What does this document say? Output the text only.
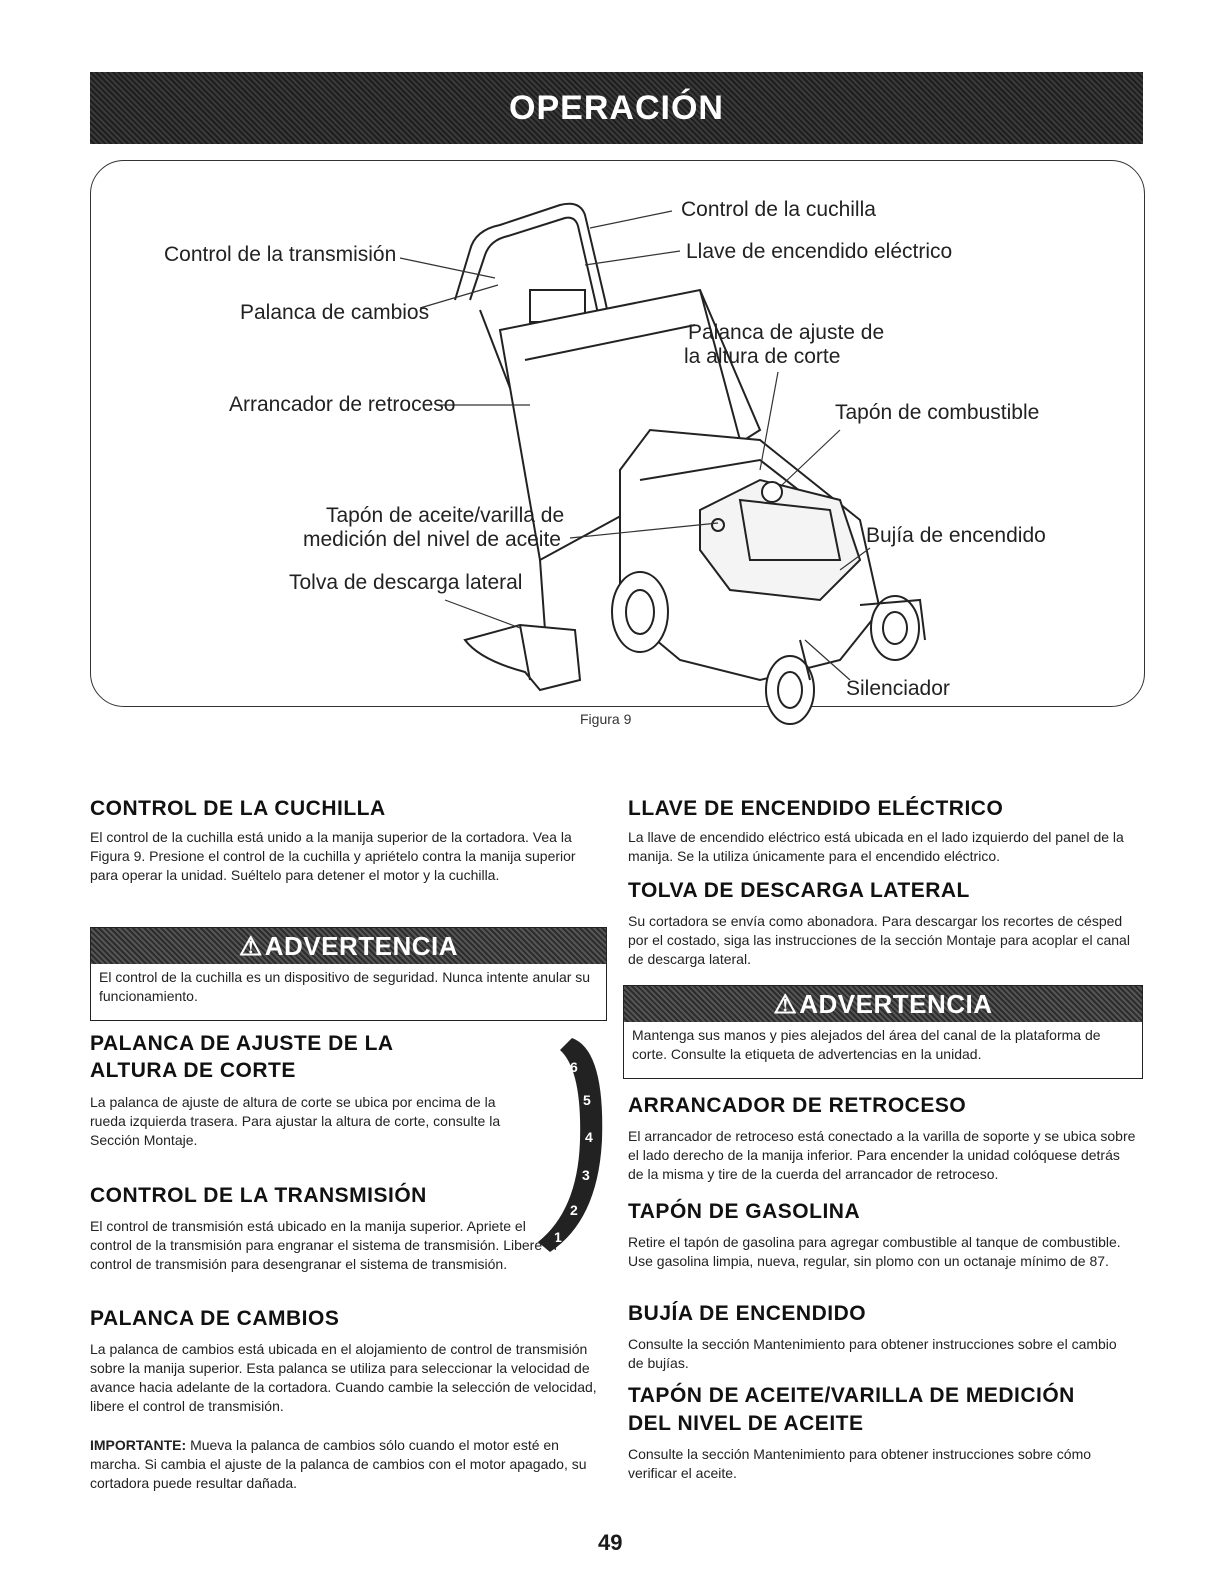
OPERACIÓN
Control de la cuchilla
Llave de encendido eléctrico
Control de la transmisión
Palanca de cambios
Palanca de ajuste de
la altura de corte
Arrancador de retroceso	Tapón de combustible
Tapón de aceite/varilla de
medición del nivel de aceite	Bujía de encendido
Tolva de descarga lateral
Silenciador
Figura 9
CONTROL DE LA CUCHILLA

El control de la cuchilla está unido a la manija superior de la cortadora. Vea la Figura 9. Presione el control de la cuchilla y apriételo contra la manija superior para operar la unidad. Suéltelo para detener el motor y la cuchilla.

⚠ADVERTENCIA
El control de la cuchilla es un dispositivo de seguridad. Nunca intente anular su funcionamiento.
PALANCA DE AJUSTE DE LA
ALTURA DE CORTE

La palanca de ajuste de altura de corte se ubica por encima de la rueda izquierda trasera. Para ajustar la altura de corte, consulte la Sección Montaje.

6
5
4
3
2
1
CONTROL DE LA TRANSMISIÓN

El control de transmisión está ubicado en la manija superior. Apriete el control de la transmisión para engranar el sistema de transmisión. Libere el control de transmisión para desengranar el sistema de transmisión.

PALANCA DE CAMBIOS

La palanca de cambios está ubicada en el alojamiento de control de transmisión sobre la manija superior. Esta palanca se utiliza para seleccionar la velocidad de avance hacia adelante de la cortadora. Cuando cambie la selección de velocidad, libere el control de transmisión.

IMPORTANTE: Mueva la palanca de cambios sólo cuando el motor esté en marcha. Si cambia el ajuste de la palanca de cambios con el motor apagado, su cortadora puede resultar dañada.

LLAVE DE ENCENDIDO ELÉCTRICO

La llave de encendido eléctrico está ubicada en el lado izquierdo del panel de la manija. Se la utiliza únicamente para el encendido eléctrico.

TOLVA DE DESCARGA LATERAL

Su cortadora se envía como abonadora. Para descargar los recortes de césped por el costado, siga las instrucciones de la sección Montaje para acoplar el canal de descarga lateral.

⚠ADVERTENCIA
Mantenga sus manos y pies alejados del área del canal de la plataforma de corte. Consulte la etiqueta de advertencias en la unidad.
ARRANCADOR DE RETROCESO

El arrancador de retroceso está conectado a la varilla de soporte y se ubica sobre el lado derecho de la manija inferior. Para encender la unidad colóquese detrás de la misma y tire de la cuerda del arrancador de retroceso.

TAPÓN DE GASOLINA

Retire el tapón de gasolina para agregar combustible al tanque de combustible. Use gasolina limpia, nueva, regular, sin plomo con un octanaje mínimo de 87.

BUJÍA DE ENCENDIDO

Consulte la sección Mantenimiento para obtener instrucciones sobre el cambio de bujías.

TAPÓN DE ACEITE/VARILLA DE MEDICIÓN
DEL NIVEL DE ACEITE

Consulte la sección Mantenimiento para obtener instrucciones sobre cómo verificar el aceite.

49
